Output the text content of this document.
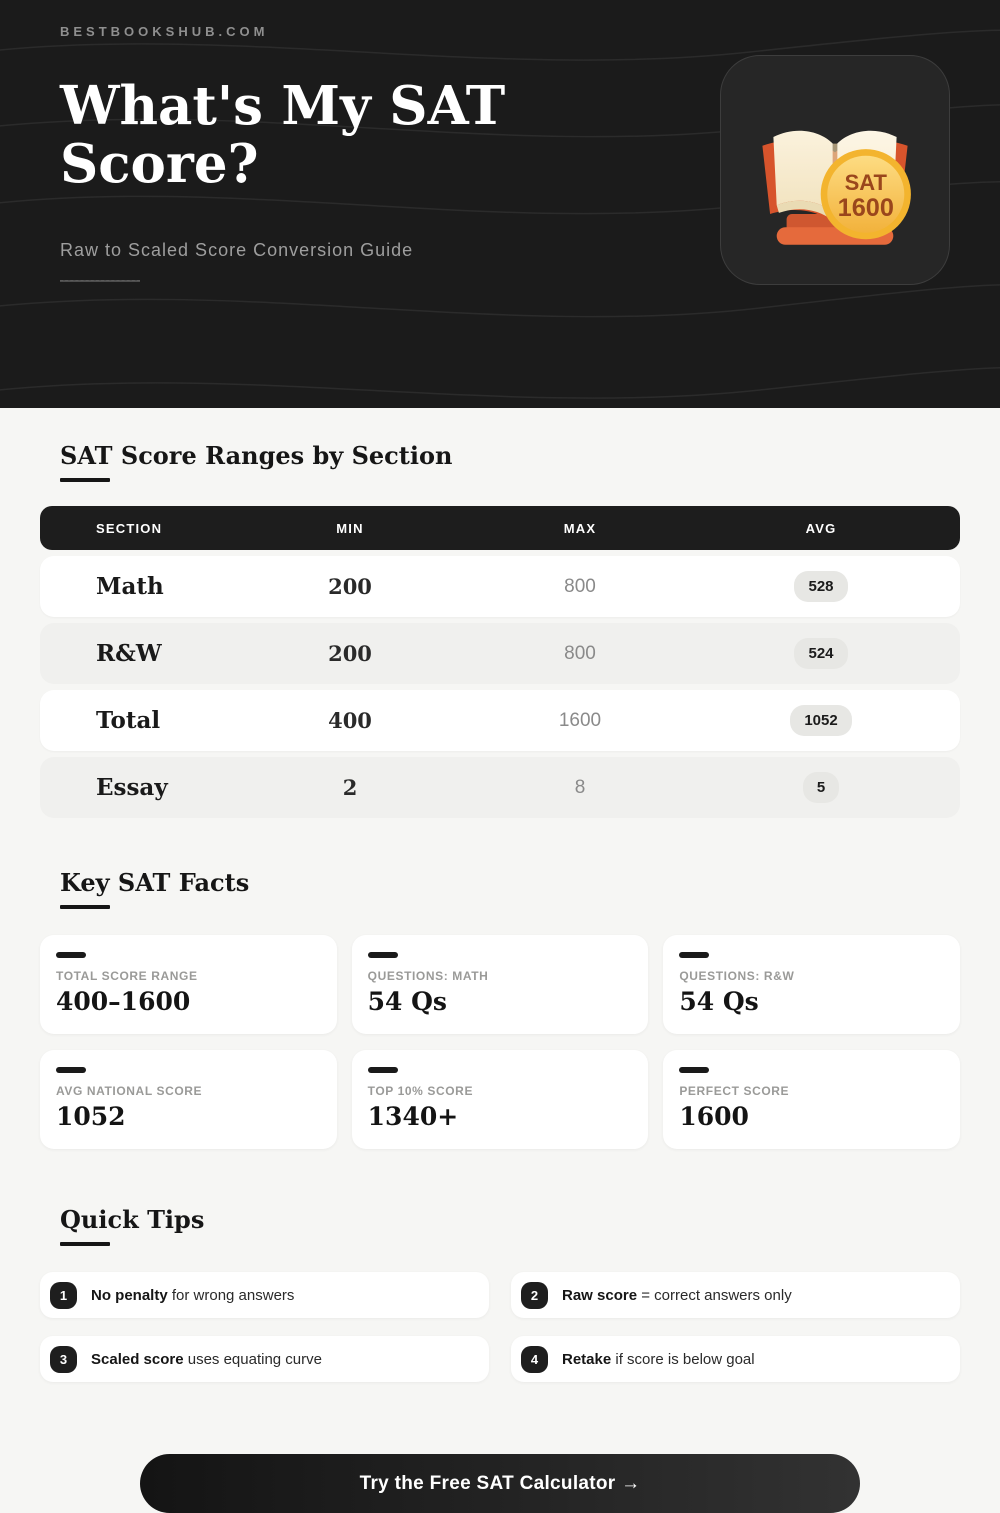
BESTBOOKSHUB.COM
What's My SAT
Score?

Raw to Scaled Score Conversion Guide

SAT
1600
SAT Score Ranges by Section
SECTION	MIN	MAX	AVG
Math	200	800	528
R&W	200	800	524
Total	400	1600	1052
Essay	2	8	5
Key SAT Facts
TOTAL SCORE RANGE
400–1600
QUESTIONS: MATH
54 Qs
QUESTIONS: R&W
54 Qs
AVG NATIONAL SCORE
1052
TOP 10% SCORE
1340+
PERFECT SCORE
1600
Quick Tips
1	No penalty for wrong answers	2	Raw score = correct answers only
3	Scaled score uses equating curve	4	Retake if score is below goal
Try the Free SAT Calculator →
